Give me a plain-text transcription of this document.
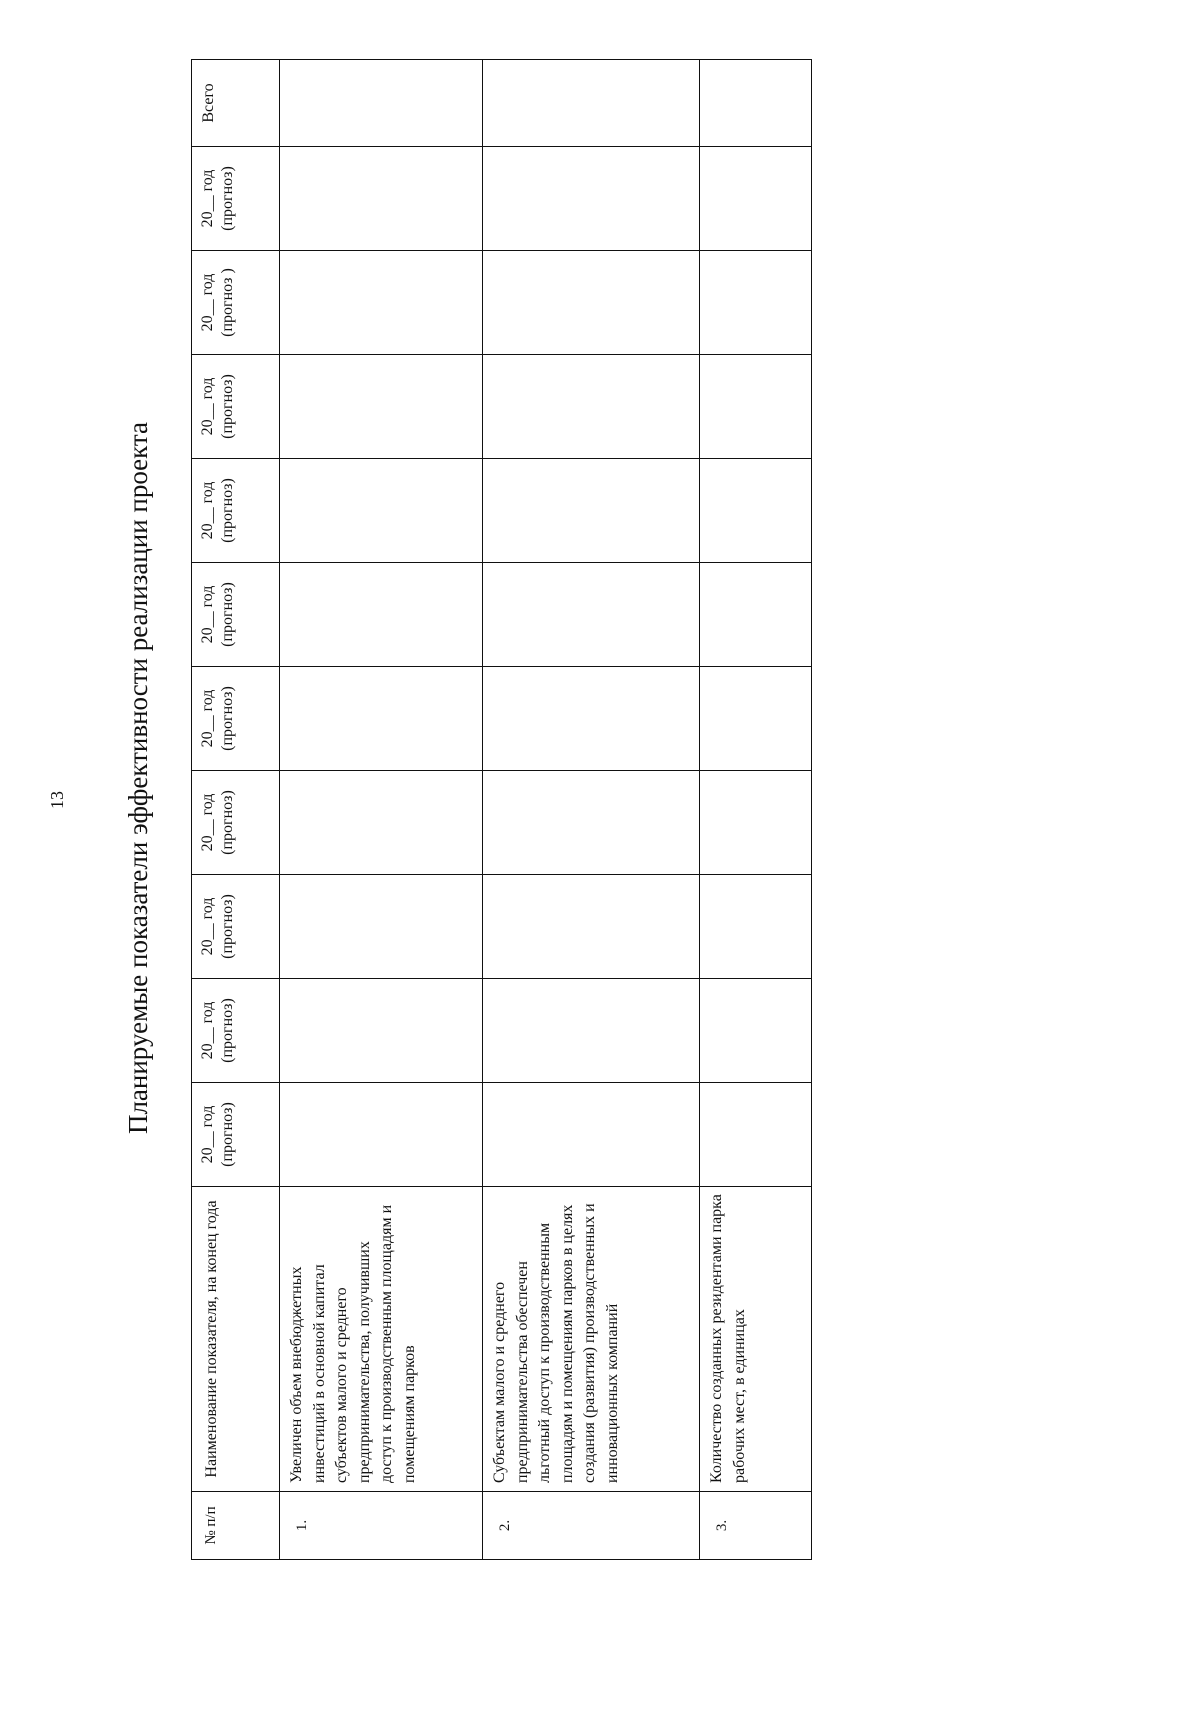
13 Планируемые показатели эффективности реализации проекта
№ п/п	Наименование показателя, на конец года	20__ год (прогноз)	20__ год (прогноз)	20__ год (прогноз)	20__ год (прогноз)	20__ год (прогноз)	20__ год (прогноз)	20__ год (прогноз)	20__ год (прогноз)	20__ год (прогноз )	20__ год (прогноз)	Всего
1.	Увеличен объем внебюджетных инвестиций в основной капитал субъектов малого и среднего предпринимательства, получивших доступ к производственным площадям и помещениям парков											
2.	Субъектам малого и среднего предпринимательства обеспечен льготный доступ к производственным площадям и помещениям парков в целях создания (развития) производственных и инновационных компаний											
3.	Количество созданных резидентами парка рабочих мест, в единицах											
